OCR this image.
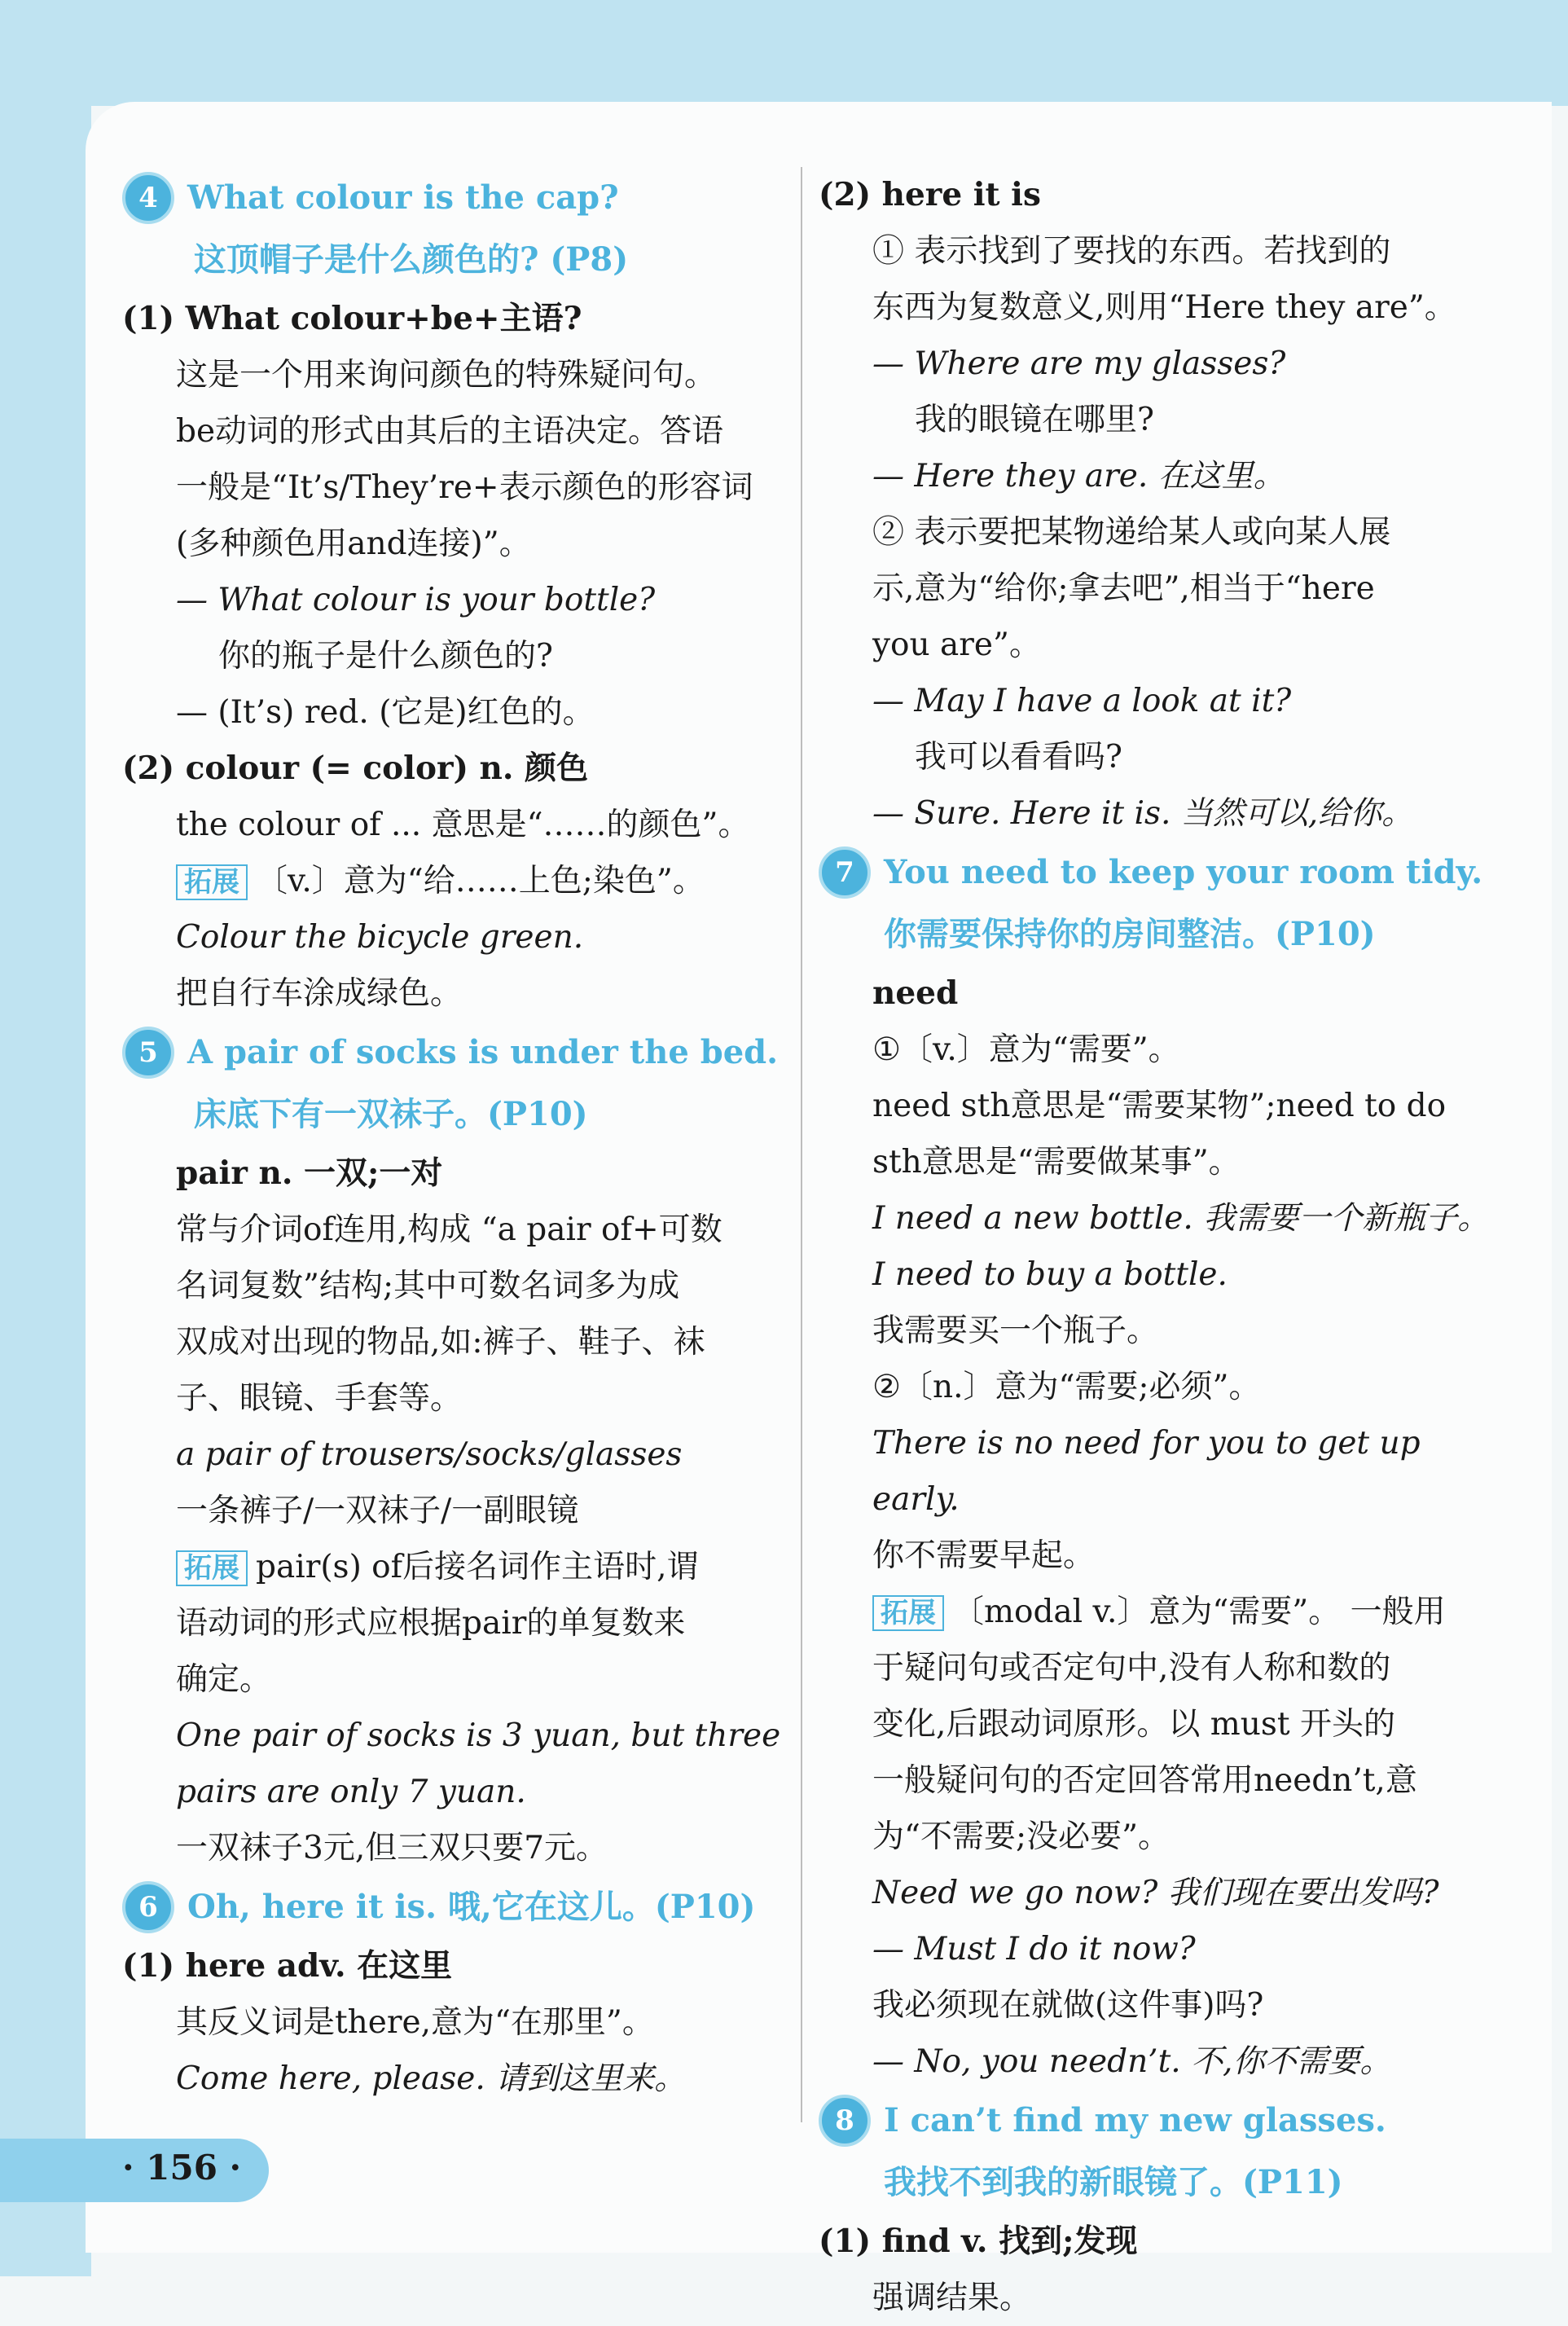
4 What colour is the cap?

这顶帽子是什么颜色的? (P8)

(1) What colour+be+主语?

这是一个用来询问颜色的特殊疑问句。

be动词的形式由其后的主语决定。答语

一般是“It’s/They’re+表示颜色的形容词

(多种颜色用and连接)”。

— What colour is your bottle?

你的瓶子是什么颜色的?

— (It’s) red. (它是)红色的。

(2) colour (= color) n. 颜色

the colour of ... 意思是“……的颜色”。

拓展 〔v.〕意为“给……上色;染色”。

Colour the bicycle green.

把自行车涂成绿色。

5 A pair of socks is under the bed.

床底下有一双袜子。(P10)

pair n. 一双;一对

常与介词of连用,构成 “a pair of+可数

名词复数”结构;其中可数名词多为成

双成对出现的物品,如:裤子、鞋子、袜

子、眼镜、手套等。

a pair of trousers/socks/glasses

一条裤子/一双袜子/一副眼镜

拓展 pair(s) of后接名词作主语时,谓

语动词的形式应根据pair的单复数来

确定。

One pair of socks is 3 yuan, but three

pairs are only 7 yuan.

一双袜子3元,但三双只要7元。

6 Oh, here it is. 哦,它在这儿。(P10)

(1) here adv. 在这里

其反义词是there,意为“在那里”。

Come here, please. 请到这里来。

(2) here it is

① 表示找到了要找的东西。若找到的

东西为复数意义,则用“Here they are”。

— Where are my glasses?

我的眼镜在哪里?

— Here they are. 在这里。

② 表示要把某物递给某人或向某人展

示,意为“给你;拿去吧”,相当于“here

you are”。

— May I have a look at it?

我可以看看吗?

— Sure. Here it is. 当然可以,给你。

7 You need to keep your room tidy.

你需要保持你的房间整洁。(P10)

need

①〔v.〕意为“需要”。

need sth意思是“需要某物”;need to do

sth意思是“需要做某事”。

I need a new bottle. 我需要一个新瓶子。

I need to buy a bottle.

我需要买一个瓶子。

②〔n.〕意为“需要;必须”。

There is no need for you to get up early.

你不需要早起。

拓展 〔modal v.〕意为“需要”。 一般用

于疑问句或否定句中,没有人称和数的

变化,后跟动词原形。以 must 开头的

一般疑问句的否定回答常用needn’t,意

为“不需要;没必要”。

Need we go now? 我们现在要出发吗?

— Must I do it now?

我必须现在就做(这件事)吗?

— No, you needn’t. 不,你不需要。

8 I can’t find my new glasses.

我找不到我的新眼镜了。(P11)

(1) find v. 找到;发现

强调结果。

· 156 ·
